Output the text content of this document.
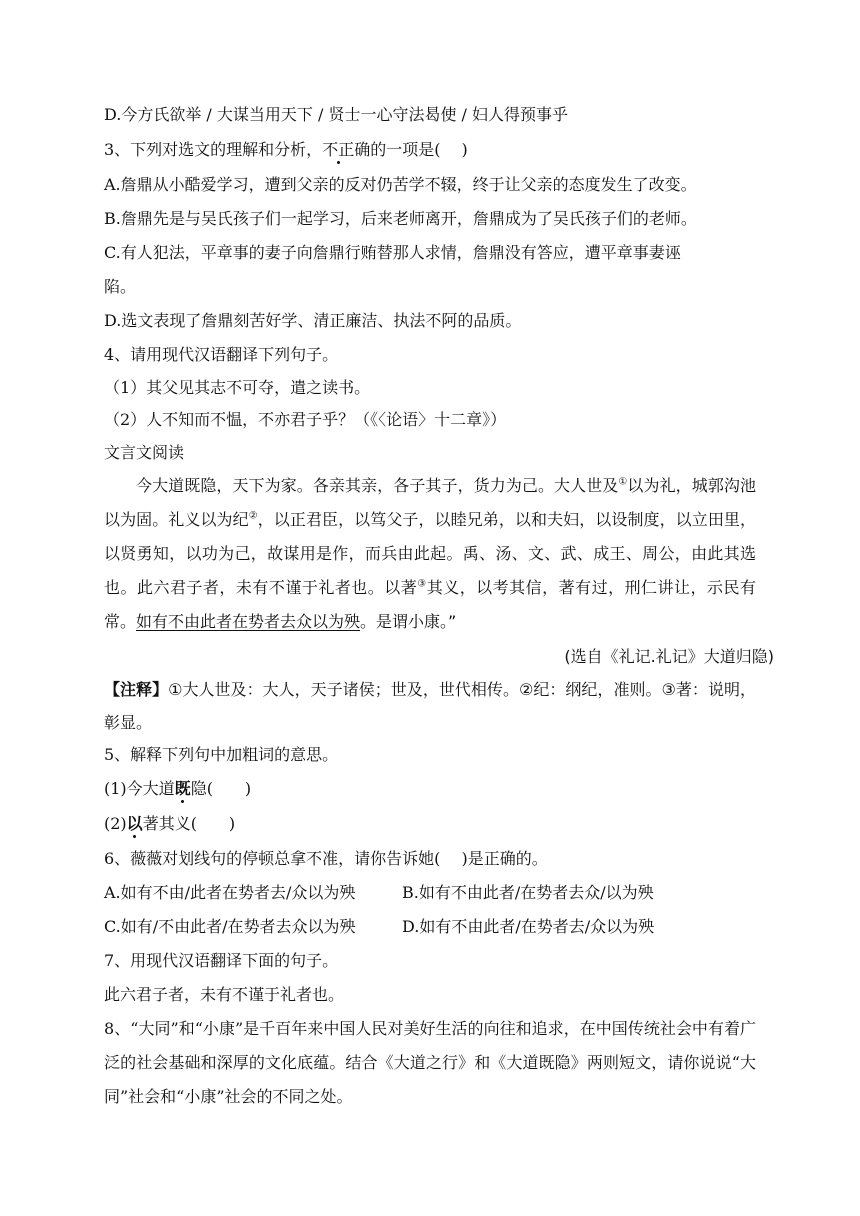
D.今方氏欲举 / 大谋当用天下 / 贤士一心守法曷使 / 妇人得预事乎
3、下列对选文的理解和分析，不正确的一项是(　 )
A.詹鼎从小酷爱学习，遭到父亲的反对仍苦学不辍，终于让父亲的态度发生了改变。
B.詹鼎先是与吴氏孩子们一起学习，后来老师离开，詹鼎成为了吴氏孩子们的老师。
C.有人犯法，平章事的妻子向詹鼎行贿替那人求情，詹鼎没有答应，遭平章事妻诬
陷。
D.选文表现了詹鼎刻苦好学、清正廉洁、执法不阿的品质。
4、请用现代汉语翻译下列句子。
（1）其父见其志不可夺，遣之读书。
（2）人不知而不愠，不亦君子乎？（《〈论语〉十二章》）
文言文阅读

今大道既隐，天下为家。各亲其亲，各子其子，货力为己。大人世及①以为礼，城郭沟池以为固。礼义以为纪②，以正君臣，以笃父子，以睦兄弟，以和夫妇，以设制度，以立田里，以贤勇知，以功为己，故谋用是作，而兵由此起。禹、汤、文、武、成王、周公，由此其选也。此六君子者，未有不谨于礼者也。以著③其义，以考其信，著有过，刑仁讲让，示民有常。如有不由此者在势者去众以为殃。是谓小康。”

(选自《礼记.礼记》大道归隐)
【注释】①大人世及：大人，天子诸侯；世及，世代相传。②纪：纲纪，准则。③著：说明，彰显。
5、解释下列句中加粗词的意思。
(1)今大道既隐(　　)
(2)以著其义(　　)
6、薇薇对划线句的停顿总拿不准，请你告诉她(　 )是正确的。
A.如有不由/此者在势者去/众以为殃	B.如有不由此者/在势者去众/以为殃
C.如有/不由此者/在势者去众以为殃	D.如有不由此者/在势者去/众以为殃
7、用现代汉语翻译下面的句子。
此六君子者，未有不谨于礼者也。
8、“大同”和“小康”是千百年来中国人民对美好生活的向往和追求，在中国传统社会中有着广泛的社会基础和深厚的文化底蕴。结合《大道之行》和《大道既隐》两则短文，请你说说“大同”社会和“小康”社会的不同之处。
